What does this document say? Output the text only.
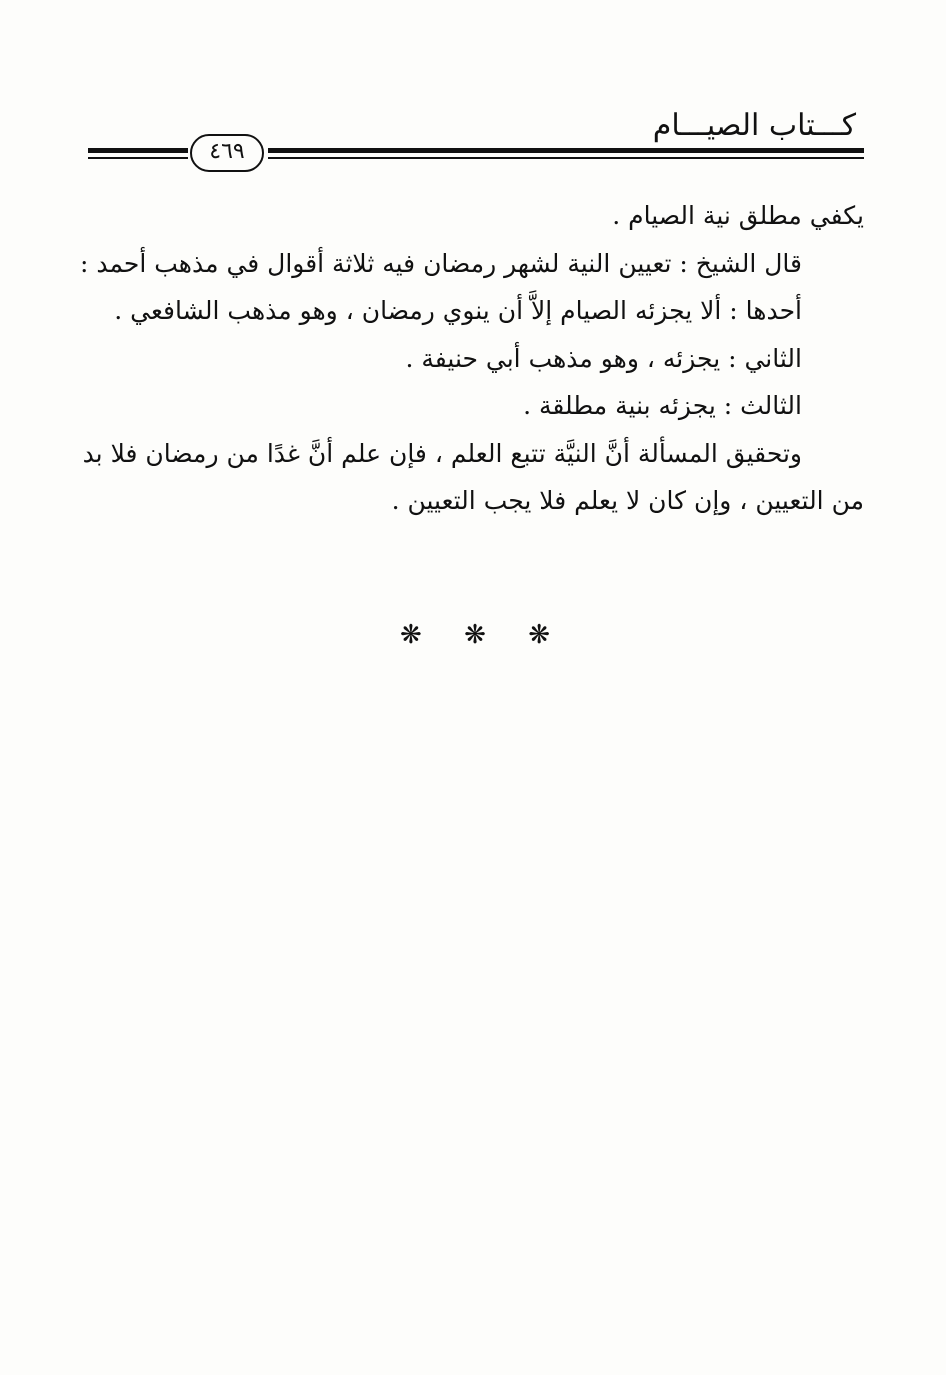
كـــتاب الصيـــام
٤٦٩
يكفي مطلق نية الصيام .
قال الشيخ : تعيين النية لشهر رمضان فيه ثلاثة أقوال في مذهب أحمد :
أحدها : ألا يجزئه الصيام إلاَّ أن ينوي رمضان ، وهو مذهب الشافعي .
الثاني : يجزئه ، وهو مذهب أبي حنيفة .
الثالث : يجزئه بنية مطلقة .
وتحقيق المسألة أنَّ النيَّة تتبع العلم ، فإن علم أنَّ غدًا من رمضان فلا بد
من التعيين ، وإن كان لا يعلم فلا يجب التعيين .
❋ ❋ ❋
